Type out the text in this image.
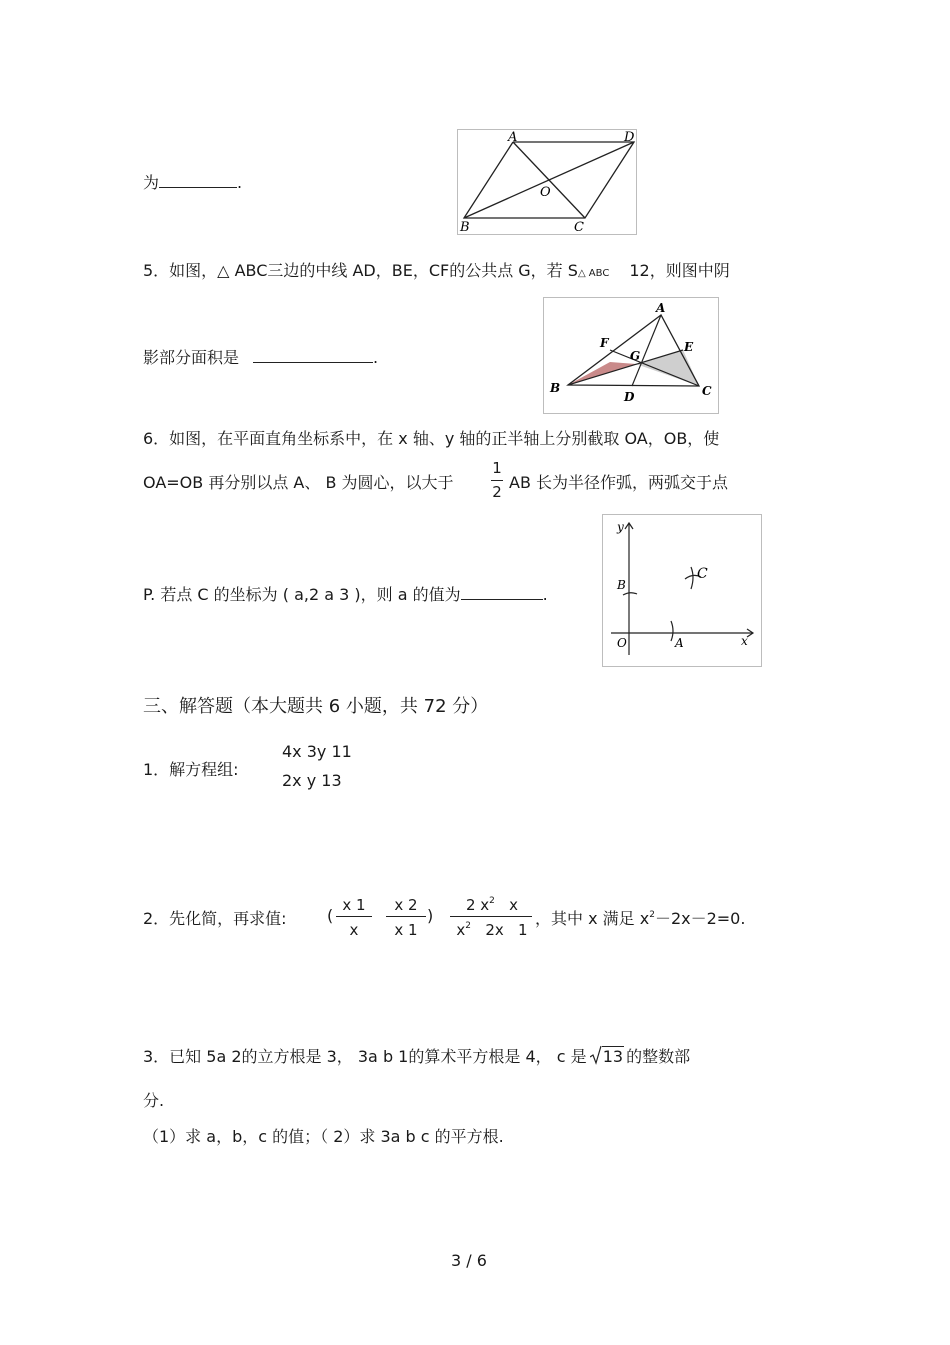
为	.
A	D
O
B	C
5．如图，△ ABC三边的中线 AD，BE，CF的公共点 G，若 S△ ABC 12，则图中阴
影部分面积是	.
A
F	E
G
B
D	C
6．如图，在平面直角坐标系中，在 x 轴、y 轴的正半轴上分别截取 OA，OB，使
OA=OB 再分别以点 A、 B 为圆心，以大于
1
2 AB 长为半径作弧，两弧交于点
P. 若点 C 的坐标为 ( a,2 a 3 )，则 a 的值为	.
y
B
C
O	A	x
三、解答题（本大题共 6 小题，共 72 分）
1．解方程组:
4x 3y 11
2x y 13
2．先化简，再求值:	(
x 1
x
x 2
x 1
)
2 $x^2$   x
$x^2$   2x   1
，其中 x 满足 $x^2-2x-2=0$.
3．已知 5a 2的立方根是 3， 3a b 1的算术平方根是 4， c 是 13 的整数部
分.
（1）求 a，b，c 的值；（ 2）求 3a b c 的平方根.
3 / 6
